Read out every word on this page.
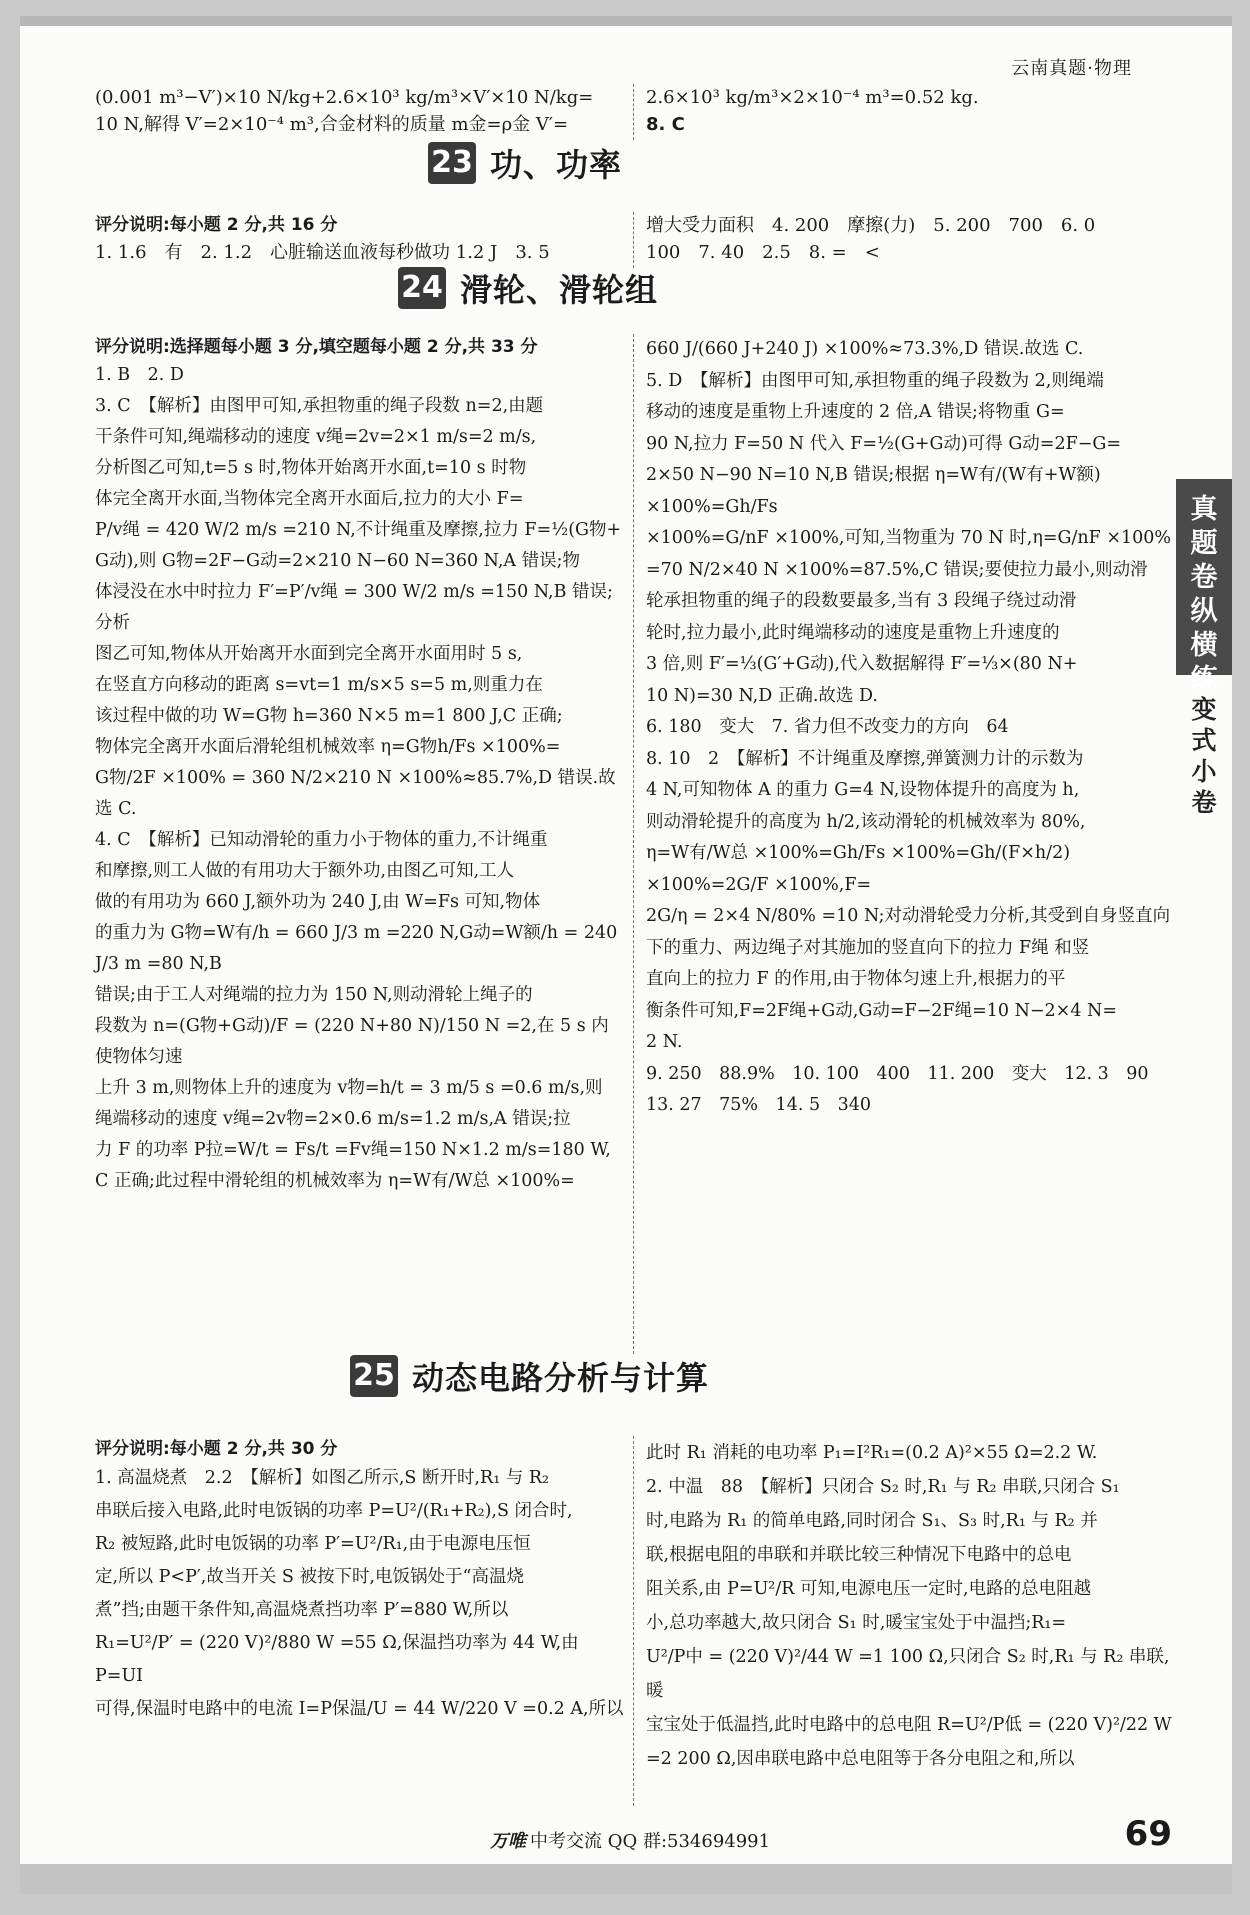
云南真题·物理
真题卷纵横练
变式小卷

(0.001 m³−V′)×10 N/kg+2.6×10³ kg/m³×V′×10 N/kg=

10 N,解得 V′=2×10⁻⁴ m³,合金材料的质量 m金=ρ金 V′=

2.6×10³ kg/m³×2×10⁻⁴ m³=0.52 kg.

8. C

23 功、功率

评分说明:每小题 2 分,共 16 分

1. 1.6　有　2. 1.2　心脏输送血液每秒做功 1.2 J　3. 5

增大受力面积　4. 200　摩擦(力)　5. 200　700　6. 0

100　7. 40　2.5　8. =　<

24 滑轮、滑轮组

评分说明:选择题每小题 3 分,填空题每小题 2 分,共 33 分

1. B　2. D

3. C　【解析】由图甲可知,承担物重的绳子段数 n=2,由题

干条件可知,绳端移动的速度 v绳=2v=2×1 m/s=2 m/s,

分析图乙可知,t=5 s 时,物体开始离开水面,t=10 s 时物

体完全离开水面,当物体完全离开水面后,拉力的大小 F=

P/v绳 = 420 W/2 m/s =210 N,不计绳重及摩擦,拉力 F=½(G物+

G动),则 G物=2F−G动=2×210 N−60 N=360 N,A 错误;物

体浸没在水中时拉力 F′=P′/v绳 = 300 W/2 m/s =150 N,B 错误;分析

图乙可知,物体从开始离开水面到完全离开水面用时 5 s,

在竖直方向移动的距离 s=vt=1 m/s×5 s=5 m,则重力在

该过程中做的功 W=G物 h=360 N×5 m=1 800 J,C 正确;

物体完全离开水面后滑轮组机械效率 η=G物h/Fs ×100%=

G物/2F ×100% = 360 N/2×210 N ×100%≈85.7%,D 错误.故选 C.

4. C　【解析】已知动滑轮的重力小于物体的重力,不计绳重

和摩擦,则工人做的有用功大于额外功,由图乙可知,工人

做的有用功为 660 J,额外功为 240 J,由 W=Fs 可知,物体

的重力为 G物=W有/h = 660 J/3 m =220 N,G动=W额/h = 240 J/3 m =80 N,B

错误;由于工人对绳端的拉力为 150 N,则动滑轮上绳子的

段数为 n=(G物+G动)/F = (220 N+80 N)/150 N =2,在 5 s 内使物体匀速

上升 3 m,则物体上升的速度为 v物=h/t = 3 m/5 s =0.6 m/s,则

绳端移动的速度 v绳=2v物=2×0.6 m/s=1.2 m/s,A 错误;拉

力 F 的功率 P拉=W/t = Fs/t =Fv绳=150 N×1.2 m/s=180 W,

C 正确;此过程中滑轮组的机械效率为 η=W有/W总 ×100%=

660 J/(660 J+240 J) ×100%≈73.3%,D 错误.故选 C.

5. D　【解析】由图甲可知,承担物重的绳子段数为 2,则绳端

移动的速度是重物上升速度的 2 倍,A 错误;将物重 G=

90 N,拉力 F=50 N 代入 F=½(G+G动)可得 G动=2F−G=

2×50 N−90 N=10 N,B 错误;根据 η=W有/(W有+W额) ×100%=Gh/Fs

×100%=G/nF ×100%,可知,当物重为 70 N 时,η=G/nF ×100%

=70 N/2×40 N ×100%=87.5%,C 错误;要使拉力最小,则动滑

轮承担物重的绳子的段数要最多,当有 3 段绳子绕过动滑

轮时,拉力最小,此时绳端移动的速度是重物上升速度的

3 倍,则 F′=⅓(G′+G动),代入数据解得 F′=⅓×(80 N+

10 N)=30 N,D 正确.故选 D.

6. 180　变大　7. 省力但不改变力的方向　64

8. 10　2　【解析】不计绳重及摩擦,弹簧测力计的示数为

4 N,可知物体 A 的重力 G=4 N,设物体提升的高度为 h,

则动滑轮提升的高度为 h/2,该动滑轮的机械效率为 80%,

η=W有/W总 ×100%=Gh/Fs ×100%=Gh/(F×h/2) ×100%=2G/F ×100%,F=

2G/η = 2×4 N/80% =10 N;对动滑轮受力分析,其受到自身竖直向

下的重力、两边绳子对其施加的竖直向下的拉力 F绳 和竖

直向上的拉力 F 的作用,由于物体匀速上升,根据力的平

衡条件可知,F=2F绳+G动,G动=F−2F绳=10 N−2×4 N=

2 N.

9. 250　88.9%　10. 100　400　11. 200　变大　12. 3　90

13. 27　75%　14. 5　340

25 动态电路分析与计算

评分说明:每小题 2 分,共 30 分

1. 高温烧煮　2.2　【解析】如图乙所示,S 断开时,R₁ 与 R₂

串联后接入电路,此时电饭锅的功率 P=U²/(R₁+R₂),S 闭合时,

R₂ 被短路,此时电饭锅的功率 P′=U²/R₁,由于电源电压恒

定,所以 P<P′,故当开关 S 被按下时,电饭锅处于“高温烧

煮”挡;由题干条件知,高温烧煮挡功率 P′=880 W,所以

R₁=U²/P′ = (220 V)²/880 W =55 Ω,保温挡功率为 44 W,由 P=UI

可得,保温时电路中的电流 I=P保温/U = 44 W/220 V =0.2 A,所以

此时 R₁ 消耗的电功率 P₁=I²R₁=(0.2 A)²×55 Ω=2.2 W.

2. 中温　88　【解析】只闭合 S₂ 时,R₁ 与 R₂ 串联,只闭合 S₁

时,电路为 R₁ 的简单电路,同时闭合 S₁、S₃ 时,R₁ 与 R₂ 并

联,根据电阻的串联和并联比较三种情况下电路中的总电

阻关系,由 P=U²/R 可知,电源电压一定时,电路的总电阻越

小,总功率越大,故只闭合 S₁ 时,暖宝宝处于中温挡;R₁=

U²/P中 = (220 V)²/44 W =1 100 Ω,只闭合 S₂ 时,R₁ 与 R₂ 串联,暖

宝宝处于低温挡,此时电路中的总电阻 R=U²/P低 = (220 V)²/22 W

=2 200 Ω,因串联电路中总电阻等于各分电阻之和,所以

万唯 中考交流 QQ 群:534694991	69
